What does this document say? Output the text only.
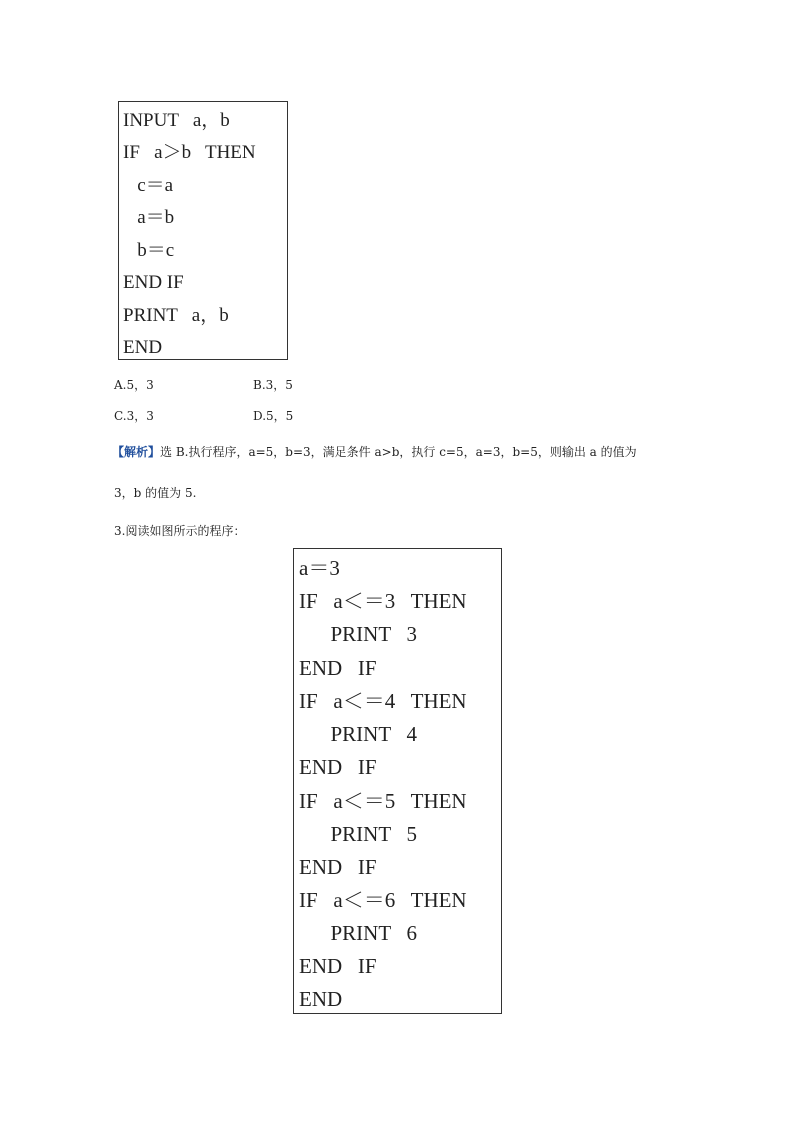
INPUT   a，b
IF   a＞b   THEN
c＝a
a＝b
b＝c
END IF
PRINT   a，b
END
A.5，3	B.3，5
C.3，3	D.5，5
【解析】选 B.执行程序，a=5，b=3，满足条件 a>b，执行 c=5，a=3，b=5，则输出 a 的值为
3，b 的值为 5.
3.阅读如图所示的程序：
a＝3
IF   a＜＝3   THEN
PRINT   3
END   IF
IF   a＜＝4   THEN
PRINT   4
END   IF
IF   a＜＝5   THEN
PRINT   5
END   IF
IF   a＜＝6   THEN
PRINT   6
END   IF
END
